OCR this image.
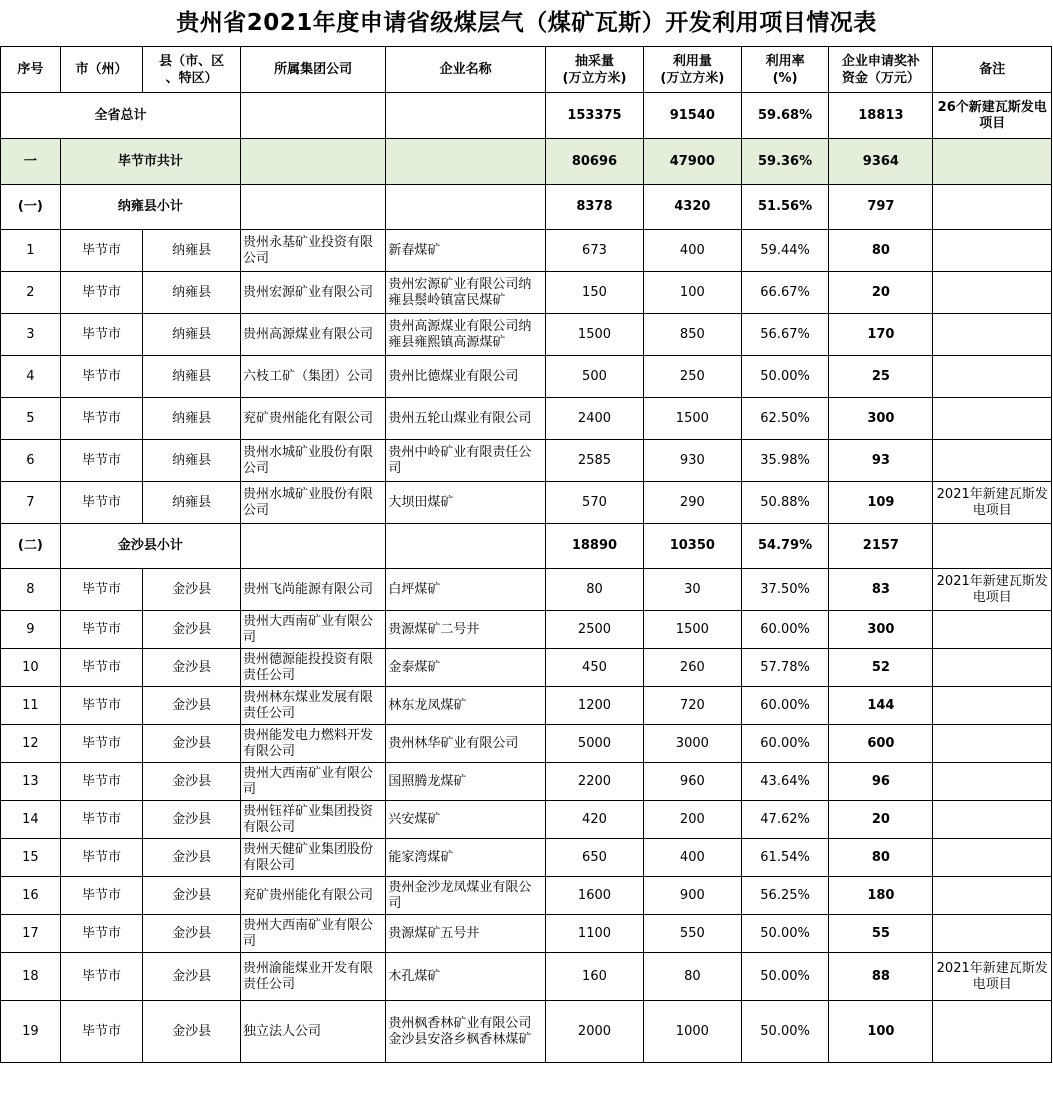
贵州省2021年度申请省级煤层气（煤矿瓦斯）开发利用项目情况表
序号	市（州）	县（市、区
、特区）	所属集团公司	企业名称	抽采量
(万立方米)	利用量
(万立方米)	利用率
(%)	企业申请奖补
资金（万元）	备注
全省总计					153375	91540	59.68%	18813	26个新建瓦斯发电项目
一	毕节市共计				80696	47900	59.36%	9364	
(一)	纳雍县小计				8378	4320	51.56%	797	
1	毕节市	纳雍县	贵州永基矿业投资有限公司	新春煤矿	673	400	59.44%	80	
2	毕节市	纳雍县	贵州宏源矿业有限公司	贵州宏源矿业有限公司纳雍县鬃岭镇富民煤矿	150	100	66.67%	20	
3	毕节市	纳雍县	贵州高源煤业有限公司	贵州高源煤业有限公司纳雍县雍熙镇高源煤矿	1500	850	56.67%	170	
4	毕节市	纳雍县	六枝工矿（集团）公司	贵州比德煤业有限公司	500	250	50.00%	25	
5	毕节市	纳雍县	兖矿贵州能化有限公司	贵州五轮山煤业有限公司	2400	1500	62.50%	300	
6	毕节市	纳雍县	贵州水城矿业股份有限公司	贵州中岭矿业有限责任公司	2585	930	35.98%	93	
7	毕节市	纳雍县	贵州水城矿业股份有限公司	大坝田煤矿	570	290	50.88%	109	2021年新建瓦斯发电项目
(二)	金沙县小计				18890	10350	54.79%	2157	
8	毕节市	金沙县	贵州飞尚能源有限公司	白坪煤矿	80	30	37.50%	83	2021年新建瓦斯发电项目
9	毕节市	金沙县	贵州大西南矿业有限公司	贵源煤矿二号井	2500	1500	60.00%	300	
10	毕节市	金沙县	贵州德源能投投资有限责任公司	金泰煤矿	450	260	57.78%	52	
11	毕节市	金沙县	贵州林东煤业发展有限责任公司	林东龙凤煤矿	1200	720	60.00%	144	
12	毕节市	金沙县	贵州能发电力燃料开发有限公司	贵州林华矿业有限公司	5000	3000	60.00%	600	
13	毕节市	金沙县	贵州大西南矿业有限公司	国照腾龙煤矿	2200	960	43.64%	96	
14	毕节市	金沙县	贵州钰祥矿业集团投资有限公司	兴安煤矿	420	200	47.62%	20	
15	毕节市	金沙县	贵州天健矿业集团股份有限公司	能家湾煤矿	650	400	61.54%	80	
16	毕节市	金沙县	兖矿贵州能化有限公司	贵州金沙龙凤煤业有限公司	1600	900	56.25%	180	
17	毕节市	金沙县	贵州大西南矿业有限公司	贵源煤矿五号井	1100	550	50.00%	55	
18	毕节市	金沙县	贵州渝能煤业开发有限责任公司	木孔煤矿	160	80	50.00%	88	2021年新建瓦斯发电项目
19	毕节市	金沙县	独立法人公司	贵州枫香林矿业有限公司金沙县安洛乡枫香林煤矿	2000	1000	50.00%	100	
